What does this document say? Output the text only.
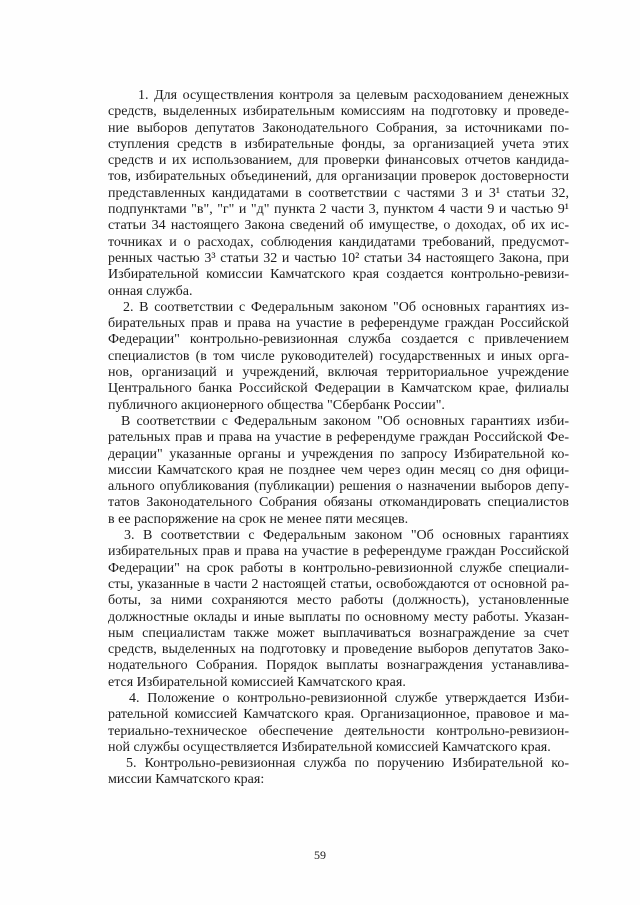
1. Для осуществления контроля за целевым расходованием денежных
средств, выделенных избирательным комиссиям на подготовку и проведе-
ние выборов депутатов Законодательного Собрания, за источниками по-
ступления средств в избирательные фонды, за организацией учета этих
средств и их использованием, для проверки финансовых отчетов кандида-
тов, избирательных объединений, для организации проверок достоверности
представленных кандидатами в соответствии с частями 3 и 3¹ статьи 32,
подпунктами "в", "г" и "д" пункта 2 части 3, пунктом 4 части 9 и частью 9¹
статьи 34 настоящего Закона сведений об имуществе, о доходах, об их ис-
точниках и о расходах, соблюдения кандидатами требований, предусмот-
ренных частью 3³ статьи 32 и частью 10² статьи 34 настоящего Закона, при
Избирательной комиссии Камчатского края создается контрольно-ревизи-
онная служба.
2. В соответствии с Федеральным законом "Об основных гарантиях из-
бирательных прав и права на участие в референдуме граждан Российской
Федерации" контрольно-ревизионная служба создается с привлечением
специалистов (в том числе руководителей) государственных и иных орга-
нов, организаций и учреждений, включая территориальное учреждение
Центрального банка Российской Федерации в Камчатском крае, филиалы
публичного акционерного общества "Сбербанк России".
В соответствии с Федеральным законом "Об основных гарантиях изби-
рательных прав и права на участие в референдуме граждан Российской Фе-
дерации" указанные органы и учреждения по запросу Избирательной ко-
миссии Камчатского края не позднее чем через один месяц со дня офици-
ального опубликования (публикации) решения о назначении выборов депу-
татов Законодательного Собрания обязаны откомандировать специалистов
в ее распоряжение на срок не менее пяти месяцев.
3. В соответствии с Федеральным законом "Об основных гарантиях
избирательных прав и права на участие в референдуме граждан Российской
Федерации" на срок работы в контрольно-ревизионной службе специали-
сты, указанные в части 2 настоящей статьи, освобождаются от основной ра-
боты, за ними сохраняются место работы (должность), установленные
должностные оклады и иные выплаты по основному месту работы. Указан-
ным специалистам также может выплачиваться вознаграждение за счет
средств, выделенных на подготовку и проведение выборов депутатов Зако-
нодательного Собрания. Порядок выплаты вознаграждения устанавлива-
ется Избирательной комиссией Камчатского края.
4. Положение о контрольно-ревизионной службе утверждается Изби-
рательной комиссией Камчатского края. Организационное, правовое и ма-
териально-техническое обеспечение деятельности контрольно-ревизион-
ной службы осуществляется Избирательной комиссией Камчатского края.
5. Контрольно-ревизионная служба по поручению Избирательной ко-
миссии Камчатского края:
59
